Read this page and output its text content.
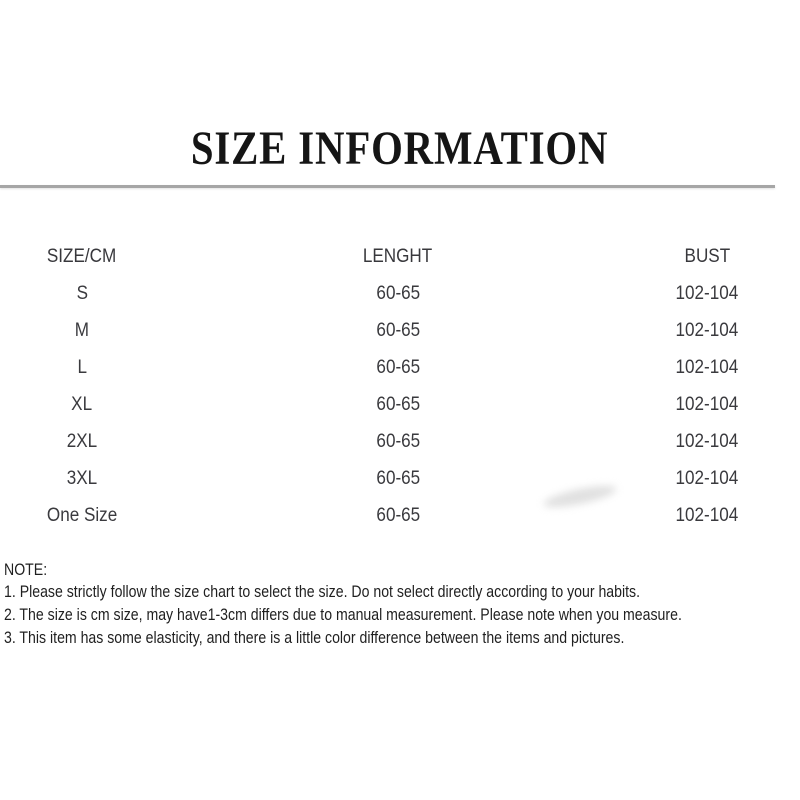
SIZE INFORMATION
SIZE/CM	LENGHT	BUST
S	60-65	102-104
M	60-65	102-104
L	60-65	102-104
XL	60-65	102-104
2XL	60-65	102-104
3XL	60-65	102-104
One Size	60-65	102-104
NOTE:
1. Please strictly follow the size chart to select the size. Do not select directly according to your habits.
2. The size is cm size, may have1-3cm differs due to manual measurement. Please note when you measure.
3. This item has some elasticity, and there is a little color difference between the items and pictures.
